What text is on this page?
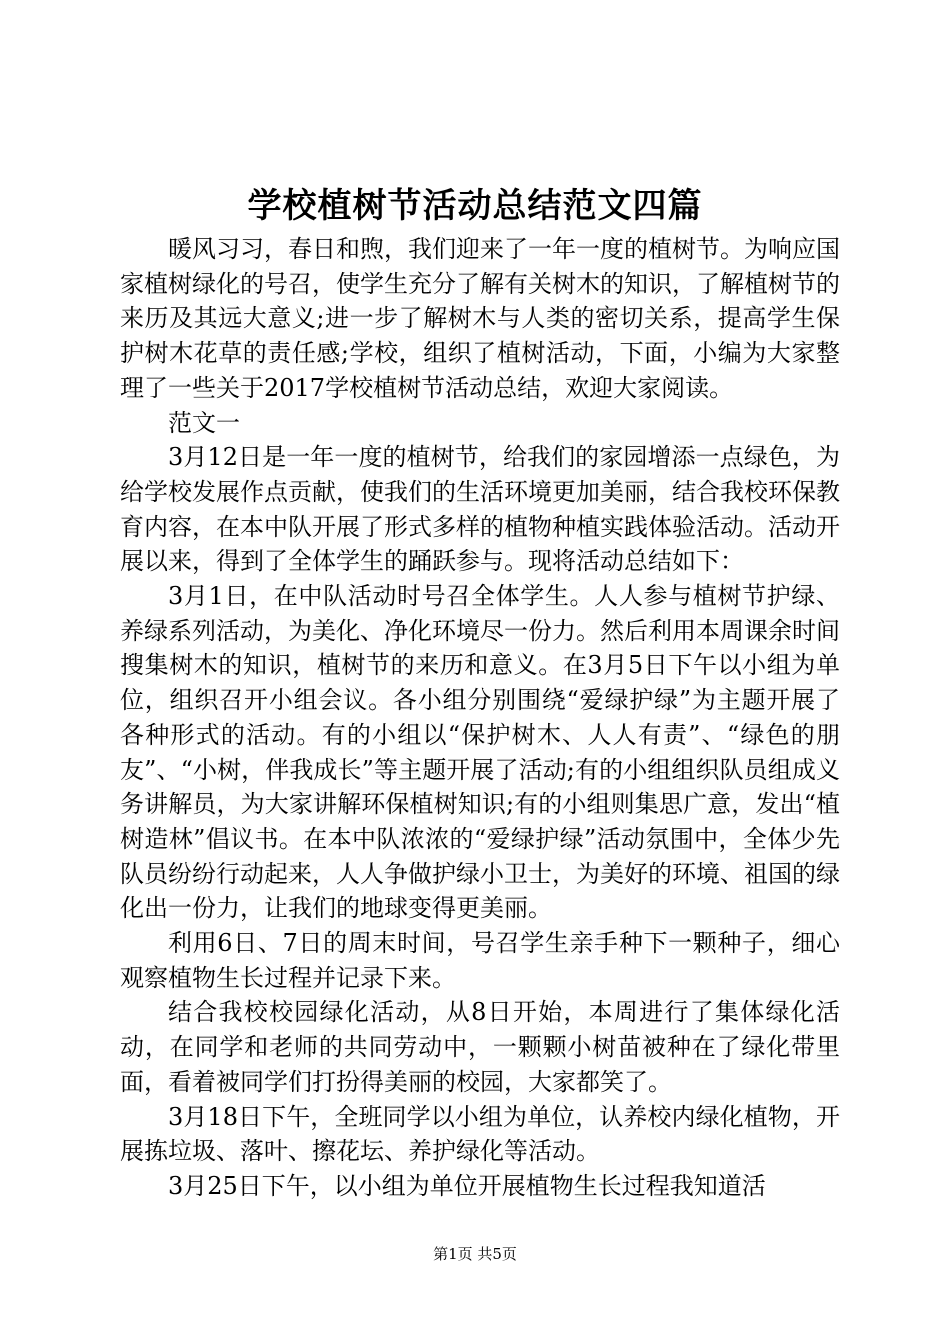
学校植树节活动总结范文四篇

暖风习习，春日和煦，我们迎来了一年一度的植树节。为响应国家植树绿化的号召，使学生充分了解有关树木的知识，了解植树节的来历及其远大意义;进一步了解树木与人类的密切关系，提高学生保护树木花草的责任感;学校，组织了植树活动，下面，小编为大家整理了一些关于2017学校植树节活动总结，欢迎大家阅读。

范文一

3月12日是一年一度的植树节，给我们的家园增添一点绿色，为给学校发展作点贡献，使我们的生活环境更加美丽，结合我校环保教育内容，在本中队开展了形式多样的植物种植实践体验活动。活动开展以来，得到了全体学生的踊跃参与。现将活动总结如下：

3月1日，在中队活动时号召全体学生。人人参与植树节护绿、养绿系列活动，为美化、净化环境尽一份力。然后利用本周课余时间搜集树木的知识，植树节的来历和意义。在3月5日下午以小组为单位，组织召开小组会议。各小组分别围绕“爱绿护绿”为主题开展了各种形式的活动。有的小组以“保护树木、人人有责”、“绿色的朋友”、“小树，伴我成长”等主题开展了活动;有的小组组织队员组成义务讲解员，为大家讲解环保植树知识;有的小组则集思广意，发出“植树造林”倡议书。在本中队浓浓的“爱绿护绿”活动氛围中，全体少先队员纷纷行动起来，人人争做护绿小卫士，为美好的环境、祖国的绿化出一份力，让我们的地球变得更美丽。

利用6日、7日的周末时间，号召学生亲手种下一颗种子，细心观察植物生长过程并记录下来。

结合我校校园绿化活动，从8日开始，本周进行了集体绿化活动，在同学和老师的共同劳动中，一颗颗小树苗被种在了绿化带里面，看着被同学们打扮得美丽的校园，大家都笑了。

3月18日下午，全班同学以小组为单位，认养校内绿化植物，开展拣垃圾、落叶、擦花坛、养护绿化等活动。

3月25日下午，以小组为单位开展植物生长过程我知道活

第1页 共5页
